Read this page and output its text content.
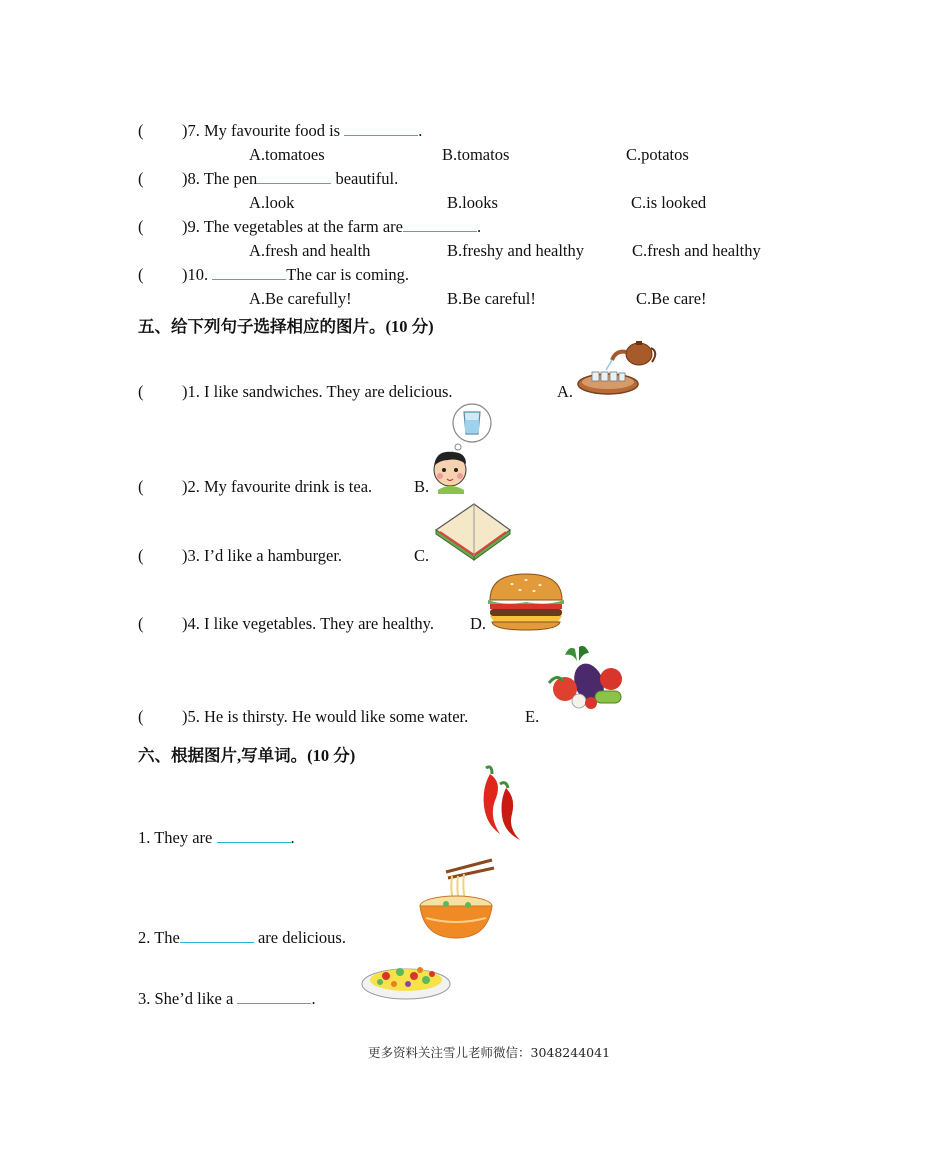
( )7. My favourite food is	.
A.tomatoes	B.tomatos	C.potatos
( )8. The pen	beautiful.
A.look	B.looks	C.is looked
( )9. The vegetables at the farm are	.
A.fresh and health	B.freshy and healthy	C.fresh and healthy
( )10.	The car is coming.
A.Be carefully!	B.Be careful!	C.Be care!
五、给下列句子选择相应的图片。(10 分)
( )1. I like sandwiches. They are delicious.	A.
( )2. My favourite drink is tea.	B.
( )3. I’d like a hamburger.	C.
( )4. I like vegetables. They are healthy. D.
( )5. He is thirsty. He would like some water.	E.
六、根据图片,写单词。(10 分)
1. They are	.
2. The	are delicious.
3. She’d like a	.
更多资料关注雪儿老师微信：3048244041
